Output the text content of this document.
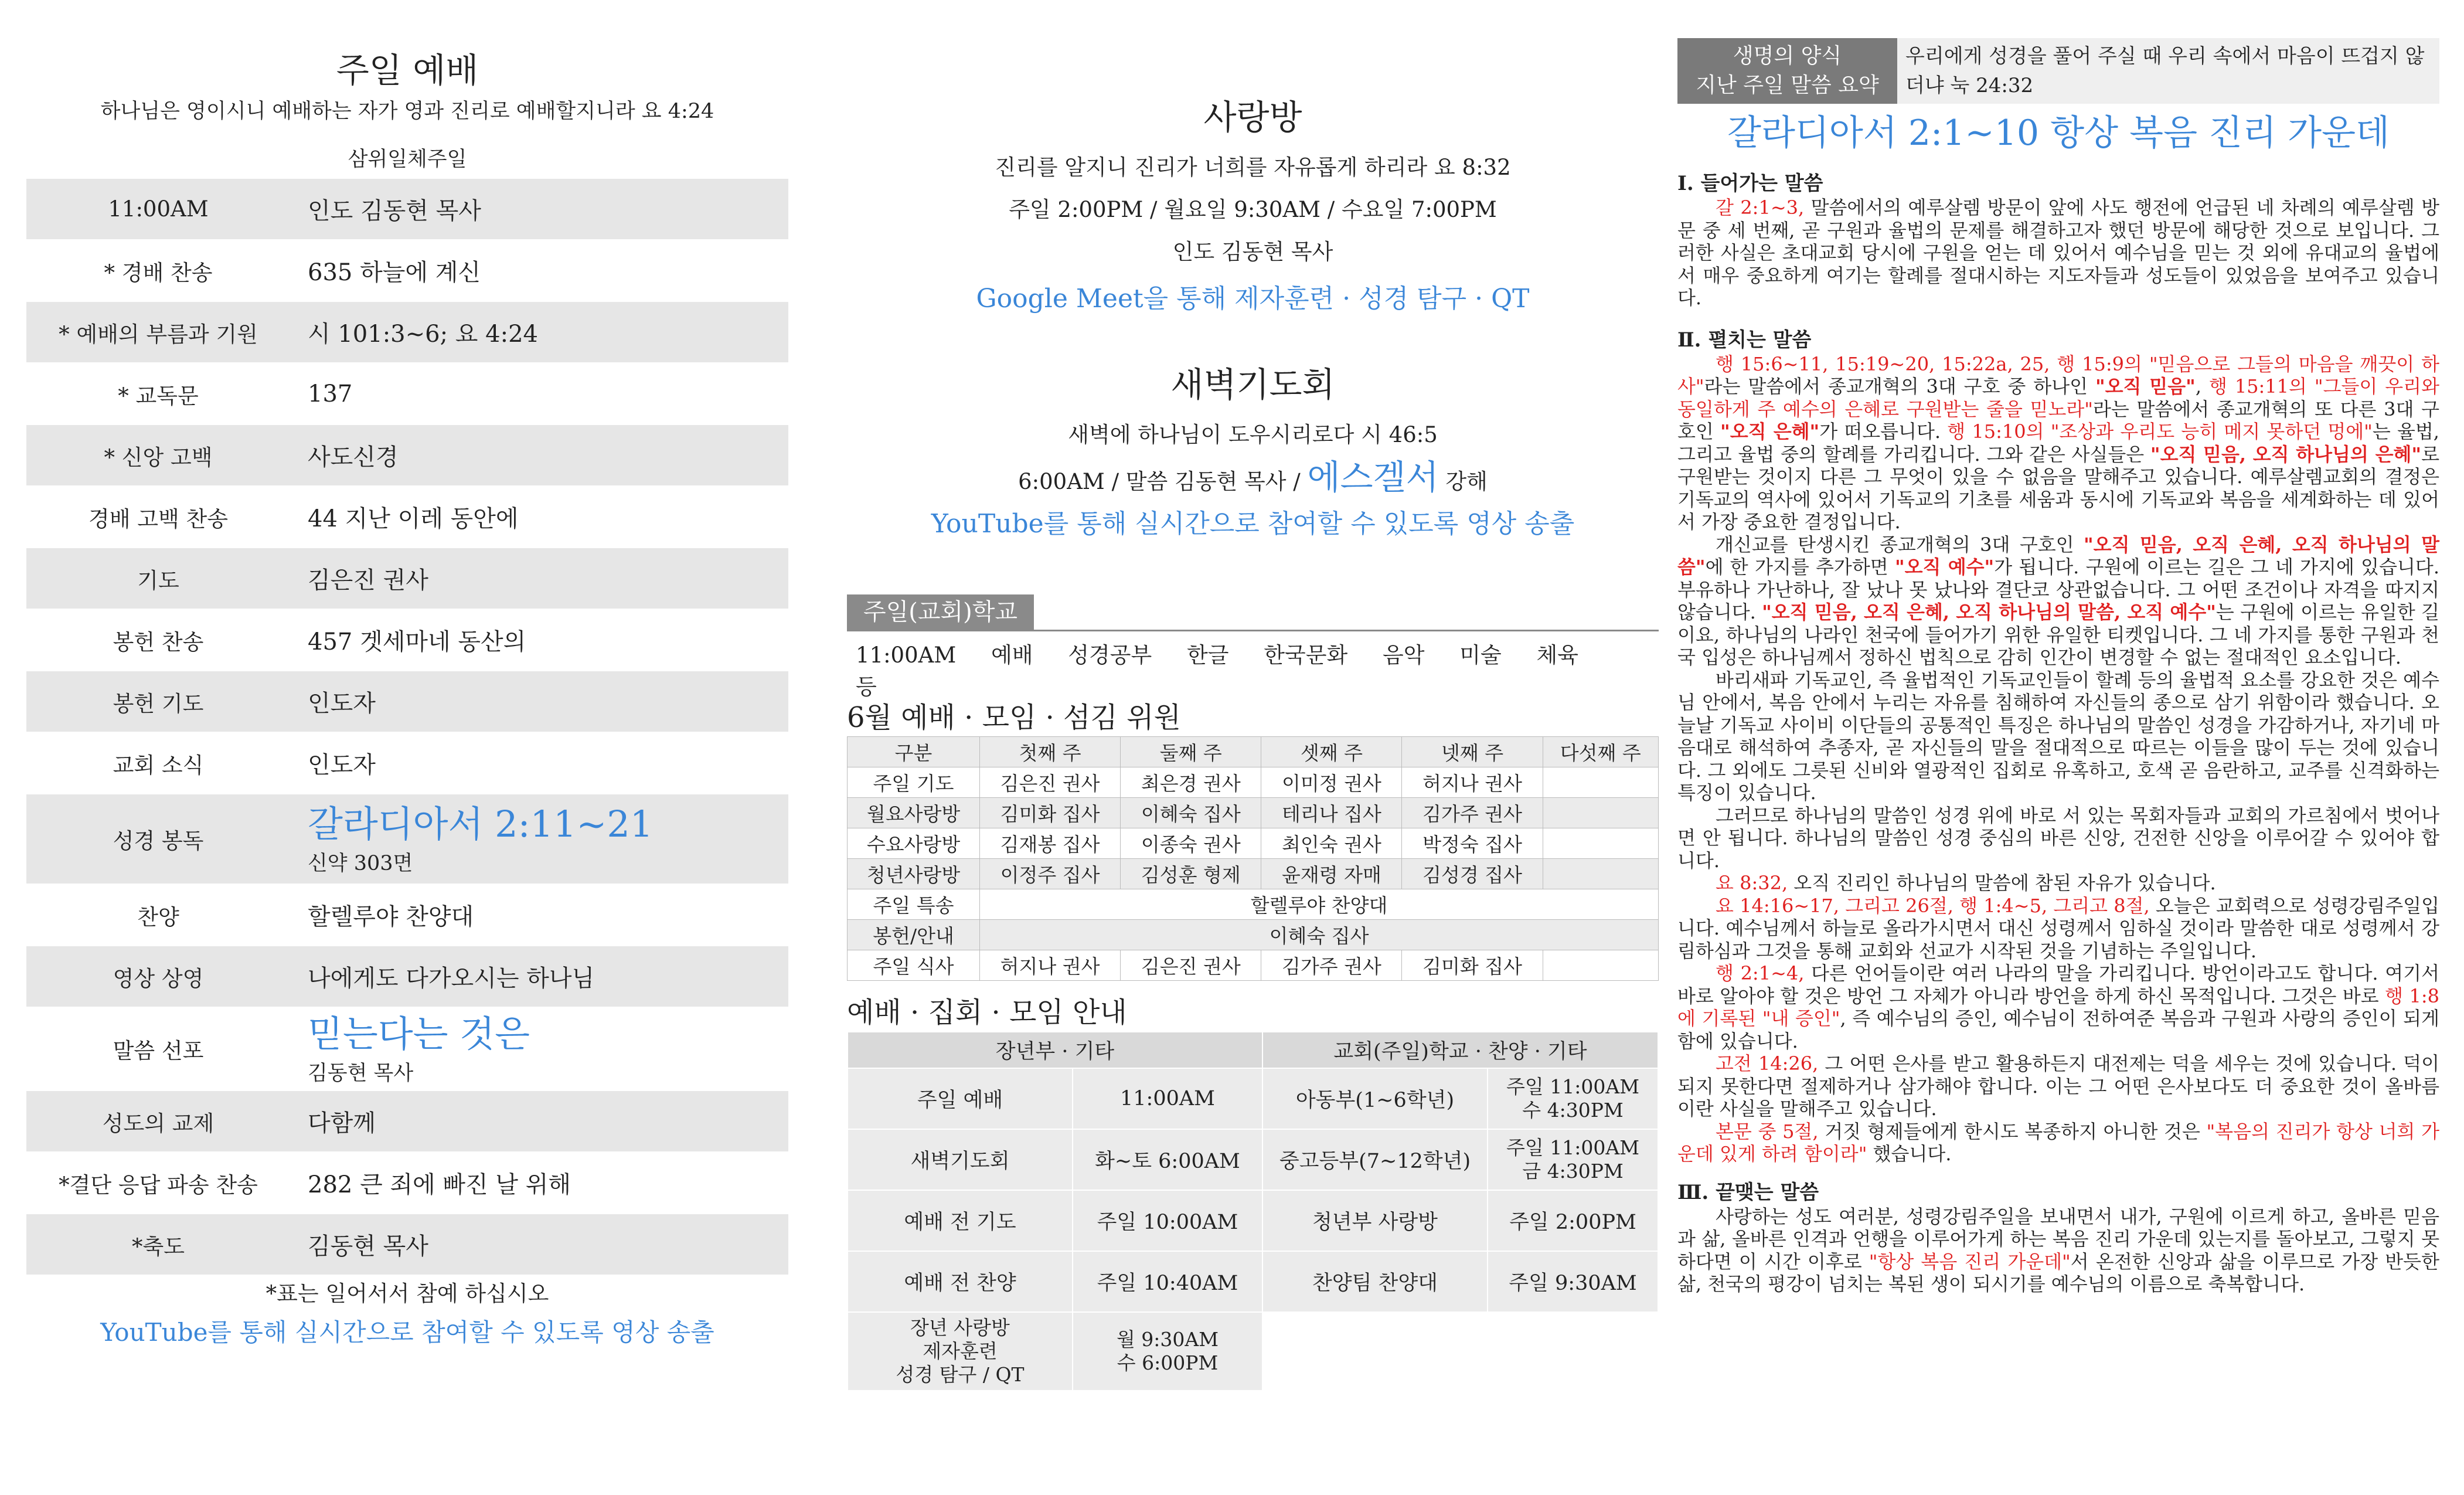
주일 예배
하나님은 영이시니 예배하는 자가 영과 진리로 예배할지니라 요 4:24
삼위일체주일
11:00AM	인도 김동현 목사
* 경배 찬송	635 하늘에 계신
* 예배의 부름과 기원	시 101:3~6; 요 4:24
* 교독문	137
* 신앙 고백	사도신경
경배 고백 찬송	44 지난 이레 동안에
기도	김은진 권사
봉헌 찬송	457 겟세마네 동산의
봉헌 기도	인도자
교회 소식	인도자
성경 봉독	갈라디아서 2:11~21
신약 303면
찬양	할렐루야 찬양대
영상 상영	나에게도 다가오시는 하나님
말씀 선포	믿는다는 것은
김동현 목사
성도의 교제	다함께
*결단 응답 파송 찬송	282 큰 죄에 빠진 날 위해
*축도	김동현 목사
*표는 일어서서 참예 하십시오
YouTube를 통해 실시간으로 참여할 수 있도록 영상 송출
사랑방
진리를 알지니 진리가 너희를 자유롭게 하리라 요 8:32
주일 2:00PM / 월요일 9:30AM / 수요일 7:00PM
인도 김동현 목사
Google Meet을 통해 제자훈련 · 성경 탐구 · QT
새벽기도회
새벽에 하나님이 도우시리로다 시 46:5
6:00AM / 말씀 김동현 목사 / 에스겔서 강해
YouTube를 통해 실시간으로 참여할 수 있도록 영상 송출
주일(교회)학교
11:00AM 예배 성경공부 한글 한국문화 음악 미술 체육 등
6월 예배 · 모임 · 섬김 위원
구분	첫째 주	둘째 주	셋째 주	넷째 주	다섯째 주
주일 기도	김은진 권사	최은경 권사	이미정 권사	허지나 권사	
월요사랑방	김미화 집사	이혜숙 집사	테리나 집사	김가주 권사	
수요사랑방	김재봉 집사	이종숙 권사	최인숙 권사	박정숙 집사	
청년사랑방	이정주 집사	김성훈 형제	윤재령 자매	김성경 집사	
주일 특송	할렐루야 찬양대				
봉헌/안내	이혜숙 집사				
주일 식사	허지나 권사	김은진 권사	김가주 권사	김미화 집사	
예배 · 집회 · 모임 안내
장년부 · 기타		교회(주일)학교 · 찬양 · 기타	
주일 예배	11:00AM	아동부(1~6학년)	주일 11:00AM
수 4:30PM
새벽기도회	화~토 6:00AM	중고등부(7~12학년)	주일 11:00AM
금 4:30PM
예배 전 기도	주일 10:00AM	청년부 사랑방	주일 2:00PM
예배 전 찬양	주일 10:40AM	찬양팀 찬양대	주일 9:30AM
장년 사랑방
제자훈련
성경 탐구 / QT	월 9:30AM
수 6:00PM		
생명의 양식
지난 주일 말씀 요약
우리에게 성경을 풀어 주실 때 우리 속에서 마음이 뜨겁지 않더냐 눅 24:32
갈라디아서 2:1~10 항상 복음 진리 가운데
Ⅰ. 들어가는 말씀

갈 2:1~3, 말씀에서의 예루살렘 방문이 앞에 사도 행전에 언급된 네 차례의 예루살렘 방문 중 세 번째, 곧 구원과 율법의 문제를 해결하고자 했던 방문에 해당한 것으로 보입니다. 그러한 사실은 초대교회 당시에 구원을 얻는 데 있어서 예수님을 믿는 것 외에 유대교의 율법에서 매우 중요하게 여기는 할례를 절대시하는 지도자들과 성도들이 있었음을 보여주고 있습니다.

Ⅱ. 펼치는 말씀

행 15:6~11, 15:19~20, 15:22a, 25, 행 15:9의 "믿음으로 그들의 마음을 깨끗이 하사"라는 말씀에서 종교개혁의 3대 구호 중 하나인 "오직 믿음", 행 15:11의 "그들이 우리와 동일하게 주 예수의 은혜로 구원받는 줄을 믿노라"라는 말씀에서 종교개혁의 또 다른 3대 구호인 "오직 은혜"가 떠오릅니다. 행 15:10의 "조상과 우리도 능히 메지 못하던 멍에"는 율법, 그리고 율법 중의 할례를 가리킵니다. 그와 같은 사실들은 "오직 믿음, 오직 하나님의 은혜"로 구원받는 것이지 다른 그 무엇이 있을 수 없음을 말해주고 있습니다. 예루살렘교회의 결정은 기독교의 역사에 있어서 기독교의 기초를 세움과 동시에 기독교와 복음을 세계화하는 데 있어서 가장 중요한 결정입니다.

개신교를 탄생시킨 종교개혁의 3대 구호인 "오직 믿음, 오직 은혜, 오직 하나님의 말씀"에 한 가지를 추가하면 "오직 예수"가 됩니다. 구원에 이르는 길은 그 네 가지에 있습니다. 부유하나 가난하나, 잘 났나 못 났나와 결단코 상관없습니다. 그 어떤 조건이나 자격을 따지지 않습니다. "오직 믿음, 오직 은혜, 오직 하나님의 말씀, 오직 예수"는 구원에 이르는 유일한 길이요, 하나님의 나라인 천국에 들어가기 위한 유일한 티켓입니다. 그 네 가지를 통한 구원과 천국 입성은 하나님께서 정하신 법칙으로 감히 인간이 변경할 수 없는 절대적인 요소입니다.

바리새파 기독교인, 즉 율법적인 기독교인들이 할례 등의 율법적 요소를 강요한 것은 예수님 안에서, 복음 안에서 누리는 자유를 침해하여 자신들의 종으로 삼기 위함이라 했습니다. 오늘날 기독교 사이비 이단들의 공통적인 특징은 하나님의 말씀인 성경을 가감하거나, 자기네 마음대로 해석하여 추종자, 곧 자신들의 말을 절대적으로 따르는 이들을 많이 두는 것에 있습니다. 그 외에도 그릇된 신비와 열광적인 집회로 유혹하고, 호색 곧 음란하고, 교주를 신격화하는 특징이 있습니다.

그러므로 하나님의 말씀인 성경 위에 바로 서 있는 목회자들과 교회의 가르침에서 벗어나면 안 됩니다. 하나님의 말씀인 성경 중심의 바른 신앙, 건전한 신앙을 이루어갈 수 있어야 합니다.

요 8:32, 오직 진리인 하나님의 말씀에 참된 자유가 있습니다.

요 14:16~17, 그리고 26절, 행 1:4~5, 그리고 8절, 오늘은 교회력으로 성령강림주일입니다. 예수님께서 하늘로 올라가시면서 대신 성령께서 임하실 것이라 말씀한 대로 성령께서 강림하심과 그것을 통해 교회와 선교가 시작된 것을 기념하는 주일입니다.

행 2:1~4, 다른 언어들이란 여러 나라의 말을 가리킵니다. 방언이라고도 합니다. 여기서 바로 알아야 할 것은 방언 그 자체가 아니라 방언을 하게 하신 목적입니다. 그것은 바로 행 1:8에 기록된 "내 증인", 즉 예수님의 증인, 예수님이 전하여준 복음과 구원과 사랑의 증인이 되게 함에 있습니다.

고전 14:26, 그 어떤 은사를 받고 활용하든지 대전제는 덕을 세우는 것에 있습니다. 덕이 되지 못한다면 절제하거나 삼가해야 합니다. 이는 그 어떤 은사보다도 더 중요한 것이 올바름이란 사실을 말해주고 있습니다.

본문 중 5절, 거짓 형제들에게 한시도 복종하지 아니한 것은 "복음의 진리가 항상 너희 가운데 있게 하려 함이라" 했습니다.

Ⅲ. 끝맺는 말씀

사랑하는 성도 여러분, 성령강림주일을 보내면서 내가, 구원에 이르게 하고, 올바른 믿음과 삶, 올바른 인격과 언행을 이루어가게 하는 복음 진리 가운데 있는지를 돌아보고, 그렇지 못하다면 이 시간 이후로 "항상 복음 진리 가운데"서 온전한 신앙과 삶을 이루므로 가장 반듯한 삶, 천국의 평강이 넘치는 복된 생이 되시기를 예수님의 이름으로 축복합니다.
